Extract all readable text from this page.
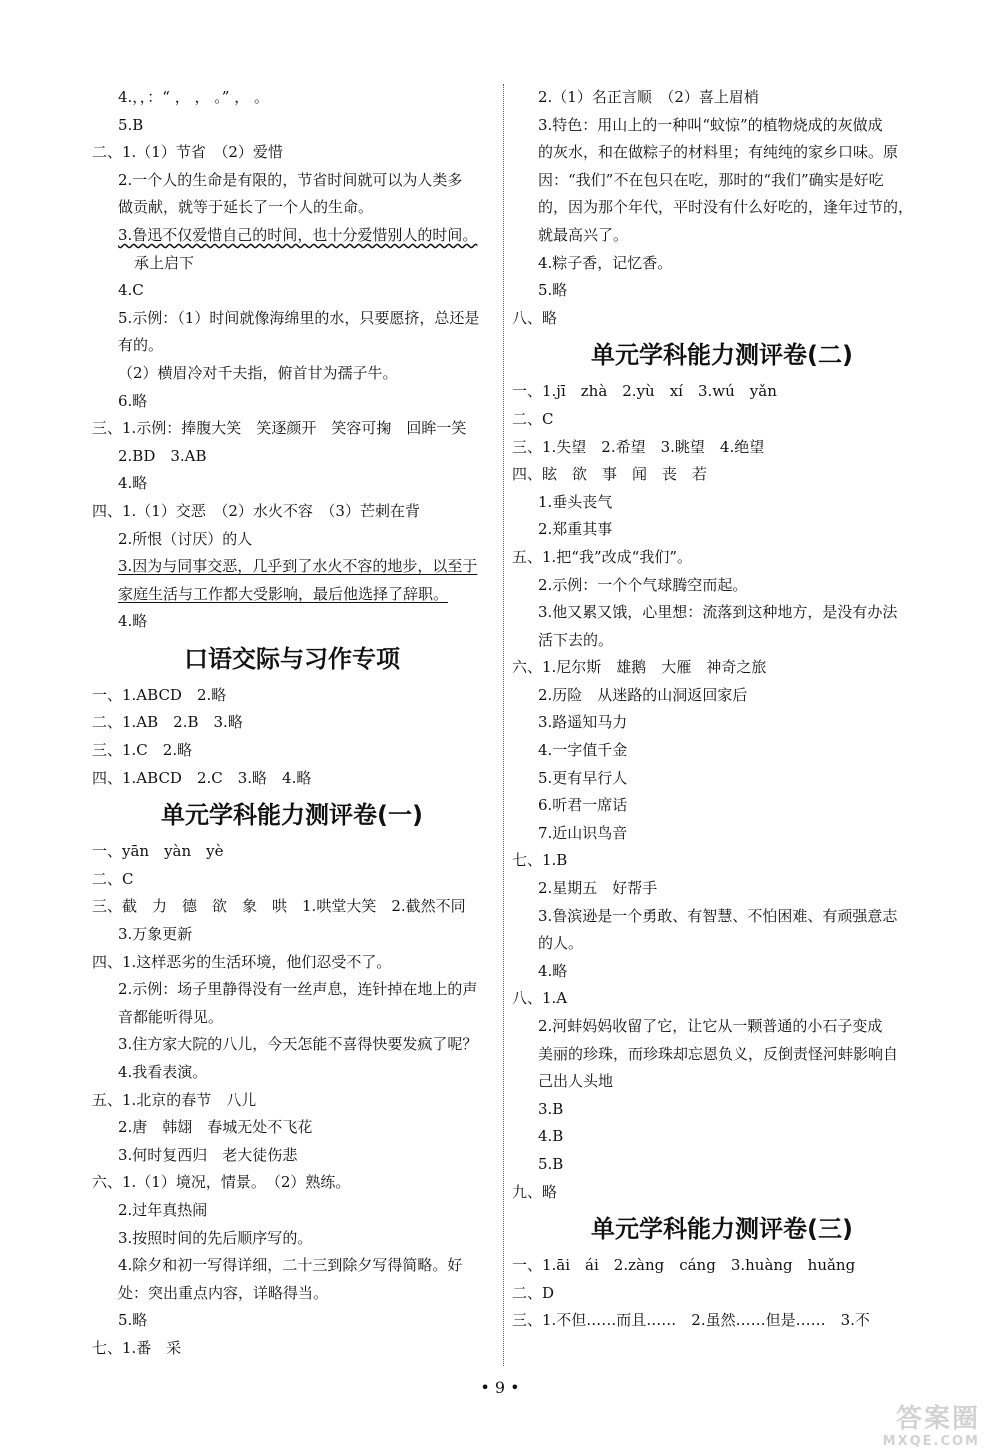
4.，，：“ ， ， 。” ， 。
5.B
二、1.（1）节省　（2）爱惜
2.一个人的生命是有限的，节省时间就可以为人类多
做贡献，就等于延长了一个人的生命。
3.鲁迅不仅爱惜自己的时间，也十分爱惜别人的时间。
承上启下
4.C
5.示例：（1）时间就像海绵里的水，只要愿挤，总还是
有的。
（2）横眉冷对千夫指，俯首甘为孺子牛。
6.略
三、1.示例：捧腹大笑　笑逐颜开　笑容可掬　回眸一笑
2.BD　3.AB
4.略
四、1.（1）交恶　（2）水火不容　（3）芒刺在背
2.所恨（讨厌）的人
3.因为与同事交恶，几乎到了水火不容的地步，以至于
家庭生活与工作都大受影响，最后他选择了辞职。
4.略
口语交际与习作专项
一、1.ABCD　2.略
二、1.AB　2.B　3.略
三、1.C　2.略
四、1.ABCD　2.C　3.略　4.略
单元学科能力测评卷(一)
一、yān　yàn　yè
二、C
三、截　力　德　欲　象　哄　1.哄堂大笑　2.截然不同
3.万象更新
四、1.这样恶劣的生活环境，他们忍受不了。
2.示例：场子里静得没有一丝声息，连针掉在地上的声
音都能听得见。
3.住方家大院的八儿，今天怎能不喜得快要发疯了呢？
4.我看表演。
五、1.北京的春节　八儿
2.唐　韩翃　春城无处不飞花
3.何时复西归　老大徒伤悲
六、1.（1）境况，情景。　（2）熟练。
2.过年真热闹
3.按照时间的先后顺序写的。
4.除夕和初一写得详细，二十三到除夕写得简略。好
处：突出重点内容，详略得当。
5.略
七、1.番　采
2.（1）名正言顺　（2）喜上眉梢
3.特色：用山上的一种叫“蚊惊”的植物烧成的灰做成
的灰水，和在做粽子的材料里；有纯纯的家乡口味。原
因：“我们”不在包只在吃，那时的“我们”确实是好吃
的，因为那个年代，平时没有什么好吃的，逢年过节的，
就最高兴了。
4.粽子香，记忆香。
5.略
八、略
单元学科能力测评卷(二)
一、1.jī　zhà　2.yù　xí　3.wú　yǎn
二、C
三、1.失望　2.希望　3.眺望　4.绝望
四、眩　欲　事　闻　丧　若
1.垂头丧气
2.郑重其事
五、1.把“我”改成“我们”。
2.示例：一个个气球腾空而起。
3.他又累又饿，心里想：流落到这种地方，是没有办法
活下去的。
六、1.尼尔斯　雄鹅　大雁　神奇之旅
2.历险　从迷路的山洞返回家后
3.路遥知马力
4.一字值千金
5.更有早行人
6.听君一席话
7.近山识鸟音
七、1.B
2.星期五　好帮手
3.鲁滨逊是一个勇敢、有智慧、不怕困难、有顽强意志
的人。
4.略
八、1.A
2.河蚌妈妈收留了它，让它从一颗普通的小石子变成
美丽的珍珠，而珍珠却忘恩负义，反倒责怪河蚌影响自
己出人头地
3.B
4.B
5.B
九、略
单元学科能力测评卷(三)
一、1.āi　ái　2.zàng　cáng　3.huàng　huǎng
二、D
三、1.不但……而且……　2.虽然……但是……　3.不
• 9 •
答案圈
MXQE.COM
